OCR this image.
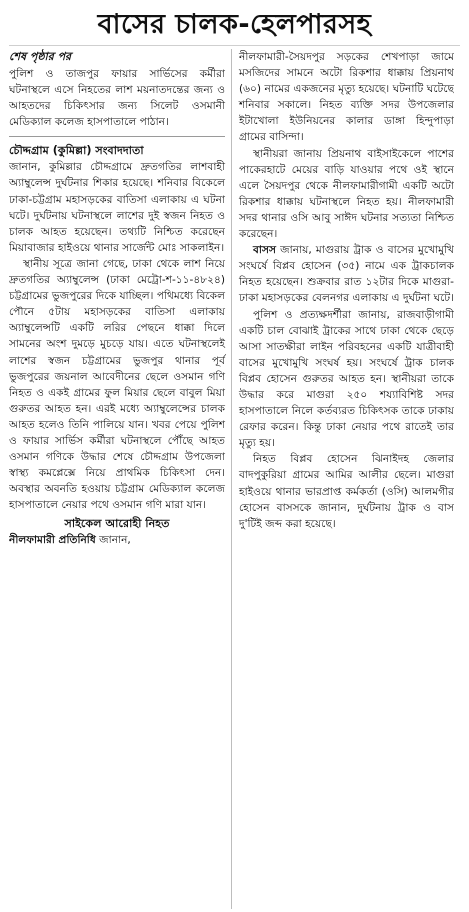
বাসের চালক-হেলপারসহ
শেষ পৃষ্ঠার পর

পুলিশ ও তাজপুর ফায়ার সার্ভিসের কর্মীরা ঘটনাস্থলে এসে নিহতের লাশ ময়নাতদন্তের জন্য ও আহতদের চিকিৎসার জন্য সিলেট ওসমানী মেডিক্যাল কলেজ হাসপাতালে পাঠান।

চৌদ্দগ্রাম (কুমিল্লা) সংবাদদাতা

জানান, কুমিল্লার চৌদ্দগ্রামে দ্রুতগতির লাশবাহী অ্যাম্বুলেন্স দুর্ঘটনার শিকার হয়েছে। শনিবার বিকেলে ঢাকা-চট্টগ্রাম মহাসড়কের বাতিসা এলাকায় এ ঘটনা ঘটে। দুর্ঘটনায় ঘটনাস্থলে লাশের দুই স্বজন নিহত ও চালক আহত হয়েছেন। তথ্যটি নিশ্চিত করেছেন মিয়াবাজার হাইওয়ে থানার সার্জেন্ট মোঃ সাকলাইন।

স্থানীয় সূত্রে জানা গেছে, ঢাকা থেকে লাশ নিয়ে দ্রুতগতির অ্যাম্বুলেন্স (ঢাকা মেট্রো-শ-১১-৪৮২৪) চট্টগ্রামের ভুজপুরের দিকে যাচ্ছিল। পথিমধ্যে বিকেল পৌনে ৫টায় মহাসড়কের বাতিসা এলাকায় অ্যাম্বুলেন্সটি একটি লরির পেছনে ধাক্কা দিলে সামনের অংশ দুমড়ে মুচড়ে যায়। এতে ঘটনাস্থলেই লাশের স্বজন চট্টগ্রামের ভুজপুর থানার পূর্ব ভুজপুরের জয়নাল আবেদীনের ছেলে ওসমান গণি নিহত ও একই গ্রামের ফুল মিয়ার ছেলে বাবুল মিয়া গুরুতর আহত হন। এরই মধ্যে অ্যাম্বুলেন্সের চালক আহত হলেও তিনি পালিয়ে যান। খবর পেয়ে পুলিশ ও ফায়ার সার্ভিস কর্মীরা ঘটনাস্থলে পৌঁছে আহত ওসমান গণিকে উদ্ধার শেষে চৌদ্দগ্রাম উপজেলা স্বাস্থ্য কমপ্লেক্সে নিয়ে প্রাথমিক চিকিৎসা দেন। অবস্থার অবনতি হওয়ায় চট্টগ্রাম মেডিক্যাল কলেজ হাসপাতালে নেয়ার পথে ওসমান গণি মারা যান।

সাইকেল আরোহী নিহত

নীলফামারী প্রতিনিধি জানান,

নীলফামারী-সৈয়দপুর সড়কের শেখপাড়া জামে মসজিদের সামনে অটো রিকশার ধাক্কায় প্রিয়নাথ (৬০) নামের একজনের মৃত্যু হয়েছে। ঘটনাটি ঘটেছে শনিবার সকালে। নিহত ব্যক্তি সদর উপজেলার ইটাখোলা ইউনিয়নের কালার ডাঙ্গা হিন্দুপাড়া গ্রামের বাসিন্দা।

স্থানীয়রা জানায় প্রিয়নাথ বাইসাইকেলে পাশের পাকেরহাটে মেয়ের বাড়ি যাওয়ার পথে ওই স্থানে এলে সৈয়দপুর থেকে নীলফামারীগামী একটি অটো রিকশার ধাক্কায় ঘটনাস্থলে নিহত হয়। নীলফামারী সদর থানার ওসি আবু সাঈদ ঘটনার সত্যতা নিশ্চিত করেছেন।

বাসস জানায়, মাগুরায় ট্রাক ও বাসের মুখোমুখি সংঘর্ষে বিপ্লব হোসেন (৩৫) নামে এক ট্রাকচালক নিহত হয়েছেন। শুক্রবার রাত ১২টার দিকে মাগুরা-ঢাকা মহাসড়কের বেলনগর এলাকায় এ দুর্ঘটনা ঘটে।

পুলিশ ও প্রত্যক্ষদর্শীরা জানায়, রাজবাড়ীগামী একটি চাল বোঝাই ট্রাকের সাথে ঢাকা থেকে ছেড়ে আসা সাতক্ষীরা লাইন পরিবহনের একটি যাত্রীবাহী বাসের মুখোমুখি সংঘর্ষ হয়। সংঘর্ষে ট্রাক চালক বিপ্লব হোসেন গুরুতর আহত হন। স্থানীয়রা তাকে উদ্ধার করে মাগুরা ২৫০ শয্যাবিশিষ্ট সদর হাসপাতালে নিলে কর্তব্যরত চিকিৎসক তাকে ঢাকায় রেফার করেন। কিন্তু ঢাকা নেয়ার পথে রাতেই তার মৃত্যু হয়।

নিহত বিপ্লব হোসেন ঝিনাইদহ জেলার বাদপুকুরিয়া গ্রামের আমির আলীর ছেলে। মাগুরা হাইওয়ে থানার ভারপ্রাপ্ত কর্মকর্তা (ওসি) আলমগীর হোসেন বাসসকে জানান, দুর্ঘটনায় ট্রাক ও বাস দু'টিই জব্দ করা হয়েছে।
